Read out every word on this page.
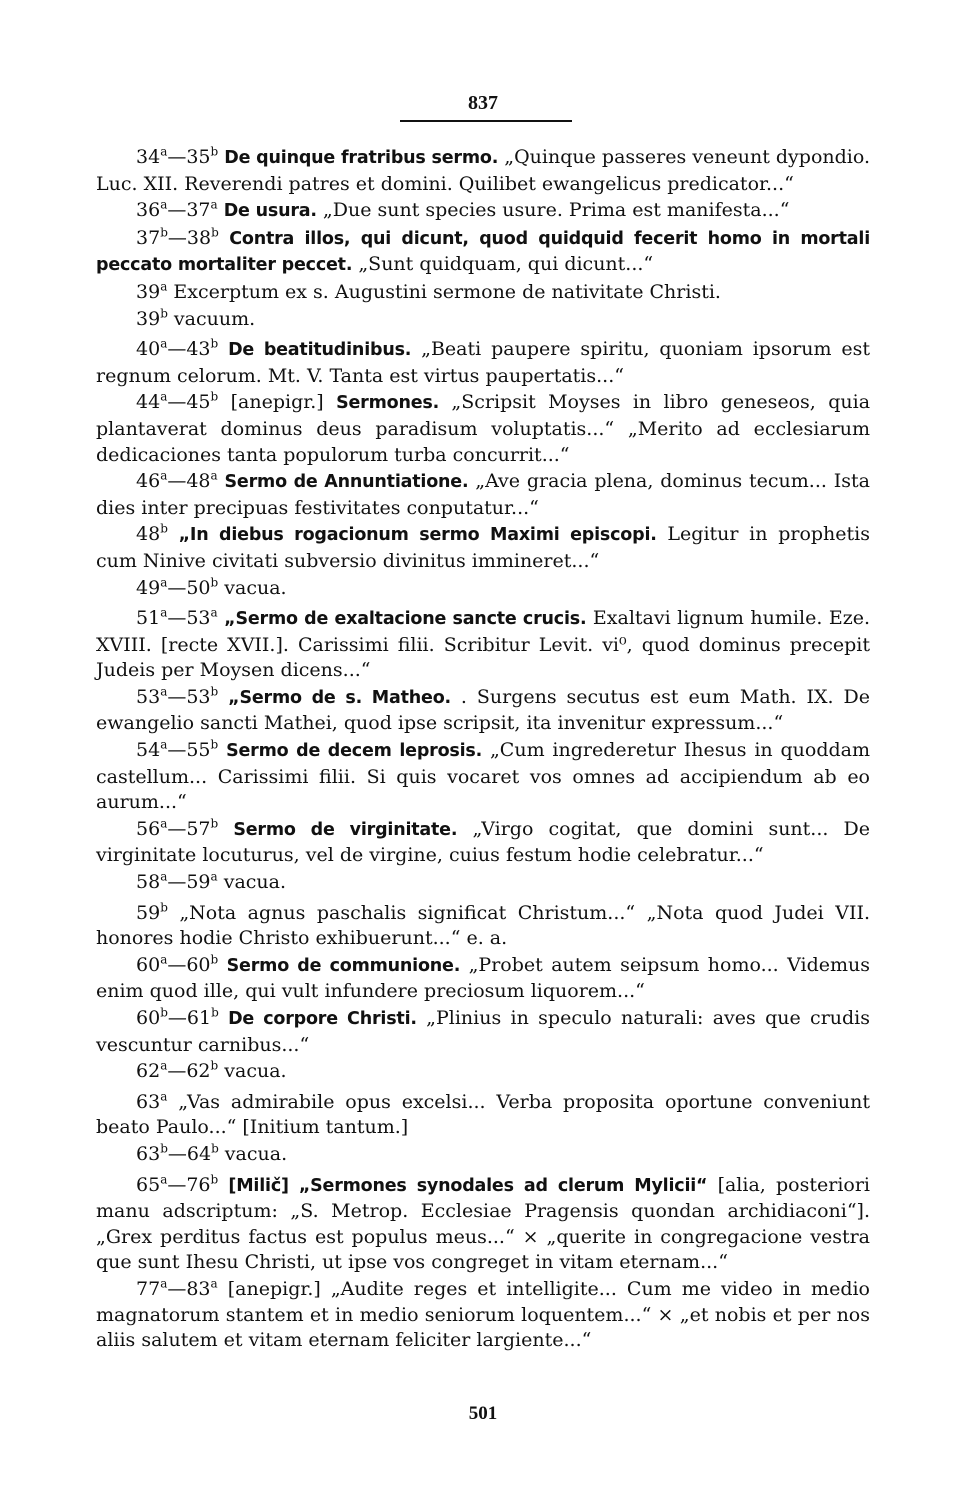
837

34$^a$—35$^b$ De quinque fratribus sermo. „Quinque passeres veneunt dypondio. Luc. XII. Reverendi patres et domini. Quilibet ewangelicus predicator...“

36$^a$—37$^a$ De usura. „Due sunt species usure. Prima est manifesta...“

37$^b$—38$^b$ Contra illos, qui dicunt, quod quidquid fecerit homo in mortali peccato mortaliter peccet. „Sunt quidquam, qui dicunt...“

39$^a$ Excerptum ex s. Augustini sermone de nativitate Christi.

39$^b$ vacuum.

40$^a$—43$^b$ De beatitudinibus. „Beati paupere spiritu, quoniam ipsorum est regnum celorum. Mt. V. Tanta est virtus paupertatis...“

44$^a$—45$^b$ [anepigr.] Sermones. „Scripsit Moyses in libro geneseos, quia plantaverat dominus deus paradisum voluptatis...“ „Merito ad ecclesiarum dedicaciones tanta populorum turba concurrit...“

46$^a$—48$^a$ Sermo de Annuntiatione. „Ave gracia plena, dominus tecum... Ista dies inter precipuas festivitates conputatur...“

48$^b$ „In diebus rogacionum sermo Maximi episcopi. Legitur in prophetis cum Ninive civitati subversio divinitus immineret...“

49$^a$—50$^b$ vacua.

51$^a$—53$^a$ „Sermo de exaltacione sancte crucis. Exaltavi lignum humile. Eze. XVIII. [recte XVII.]. Carissimi filii. Scribitur Levit. vi⁰, quod dominus precepit Judeis per Moysen dicens...“

53$^a$—53$^b$ „Sermo de s. Matheo. . Surgens secutus est eum Math. IX. De ewangelio sancti Mathei, quod ipse scripsit, ita invenitur expressum...“

54$^a$—55$^b$ Sermo de decem leprosis. „Cum ingrederetur Ihesus in quoddam castellum... Carissimi filii. Si quis vocaret vos omnes ad accipiendum ab eo aurum...“

56$^a$—57$^b$ Sermo de virginitate. „Virgo cogitat, que domini sunt... De virginitate locuturus, vel de virgine, cuius festum hodie celebratur...“

58$^a$—59$^a$ vacua.

59$^b$ „Nota agnus paschalis significat Christum...“ „Nota quod Judei VII. honores hodie Christo exhibuerunt...“ e. a.

60$^a$—60$^b$ Sermo de communione. „Probet autem seipsum homo... Videmus enim quod ille, qui vult infundere preciosum liquorem...“

60$^b$—61$^b$ De corpore Christi. „Plinius in speculo naturali: aves que crudis vescuntur carnibus...“

62$^a$—62$^b$ vacua.

63$^a$ „Vas admirabile opus excelsi... Verba proposita oportune conveniunt beato Paulo...“ [Initium tantum.]

63$^b$—64$^b$ vacua.

65$^a$—76$^b$ [Milič] „Sermones synodales ad clerum Mylicii“ [alia, posteriori manu adscriptum: „S. Metrop. Ecclesiae Pragensis quondan archidiaconi“]. „Grex perditus factus est populus meus...“ × „querite in congregacione vestra que sunt Ihesu Christi, ut ipse vos congreget in vitam eternam...“

77$^a$—83$^a$ [anepigr.] „Audite reges et intelligite... Cum me video in medio magnatorum stantem et in medio seniorum loquentem...“ × „et nobis et per nos aliis salutem et vitam eternam feliciter largiente...“

501
